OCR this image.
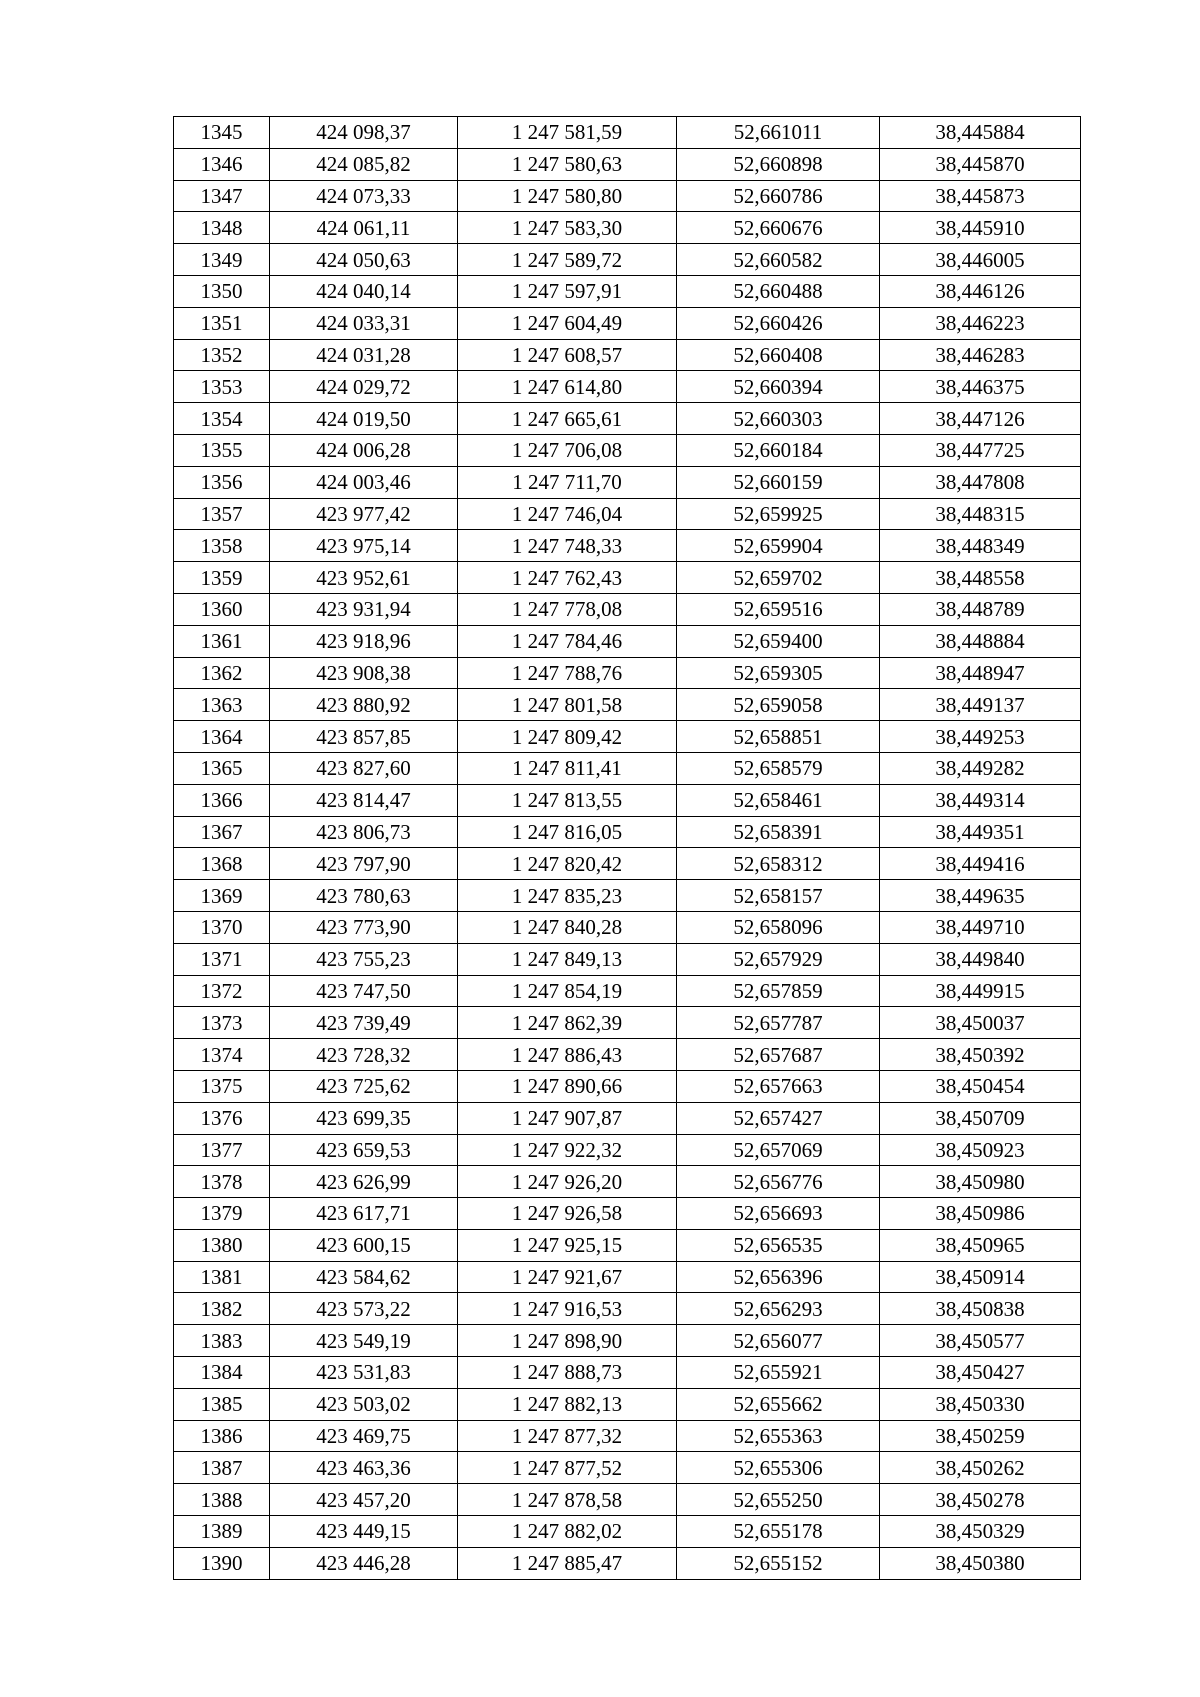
1345	424 098,37	1 247 581,59	52,661011	38,445884
1346	424 085,82	1 247 580,63	52,660898	38,445870
1347	424 073,33	1 247 580,80	52,660786	38,445873
1348	424 061,11	1 247 583,30	52,660676	38,445910
1349	424 050,63	1 247 589,72	52,660582	38,446005
1350	424 040,14	1 247 597,91	52,660488	38,446126
1351	424 033,31	1 247 604,49	52,660426	38,446223
1352	424 031,28	1 247 608,57	52,660408	38,446283
1353	424 029,72	1 247 614,80	52,660394	38,446375
1354	424 019,50	1 247 665,61	52,660303	38,447126
1355	424 006,28	1 247 706,08	52,660184	38,447725
1356	424 003,46	1 247 711,70	52,660159	38,447808
1357	423 977,42	1 247 746,04	52,659925	38,448315
1358	423 975,14	1 247 748,33	52,659904	38,448349
1359	423 952,61	1 247 762,43	52,659702	38,448558
1360	423 931,94	1 247 778,08	52,659516	38,448789
1361	423 918,96	1 247 784,46	52,659400	38,448884
1362	423 908,38	1 247 788,76	52,659305	38,448947
1363	423 880,92	1 247 801,58	52,659058	38,449137
1364	423 857,85	1 247 809,42	52,658851	38,449253
1365	423 827,60	1 247 811,41	52,658579	38,449282
1366	423 814,47	1 247 813,55	52,658461	38,449314
1367	423 806,73	1 247 816,05	52,658391	38,449351
1368	423 797,90	1 247 820,42	52,658312	38,449416
1369	423 780,63	1 247 835,23	52,658157	38,449635
1370	423 773,90	1 247 840,28	52,658096	38,449710
1371	423 755,23	1 247 849,13	52,657929	38,449840
1372	423 747,50	1 247 854,19	52,657859	38,449915
1373	423 739,49	1 247 862,39	52,657787	38,450037
1374	423 728,32	1 247 886,43	52,657687	38,450392
1375	423 725,62	1 247 890,66	52,657663	38,450454
1376	423 699,35	1 247 907,87	52,657427	38,450709
1377	423 659,53	1 247 922,32	52,657069	38,450923
1378	423 626,99	1 247 926,20	52,656776	38,450980
1379	423 617,71	1 247 926,58	52,656693	38,450986
1380	423 600,15	1 247 925,15	52,656535	38,450965
1381	423 584,62	1 247 921,67	52,656396	38,450914
1382	423 573,22	1 247 916,53	52,656293	38,450838
1383	423 549,19	1 247 898,90	52,656077	38,450577
1384	423 531,83	1 247 888,73	52,655921	38,450427
1385	423 503,02	1 247 882,13	52,655662	38,450330
1386	423 469,75	1 247 877,32	52,655363	38,450259
1387	423 463,36	1 247 877,52	52,655306	38,450262
1388	423 457,20	1 247 878,58	52,655250	38,450278
1389	423 449,15	1 247 882,02	52,655178	38,450329
1390	423 446,28	1 247 885,47	52,655152	38,450380
